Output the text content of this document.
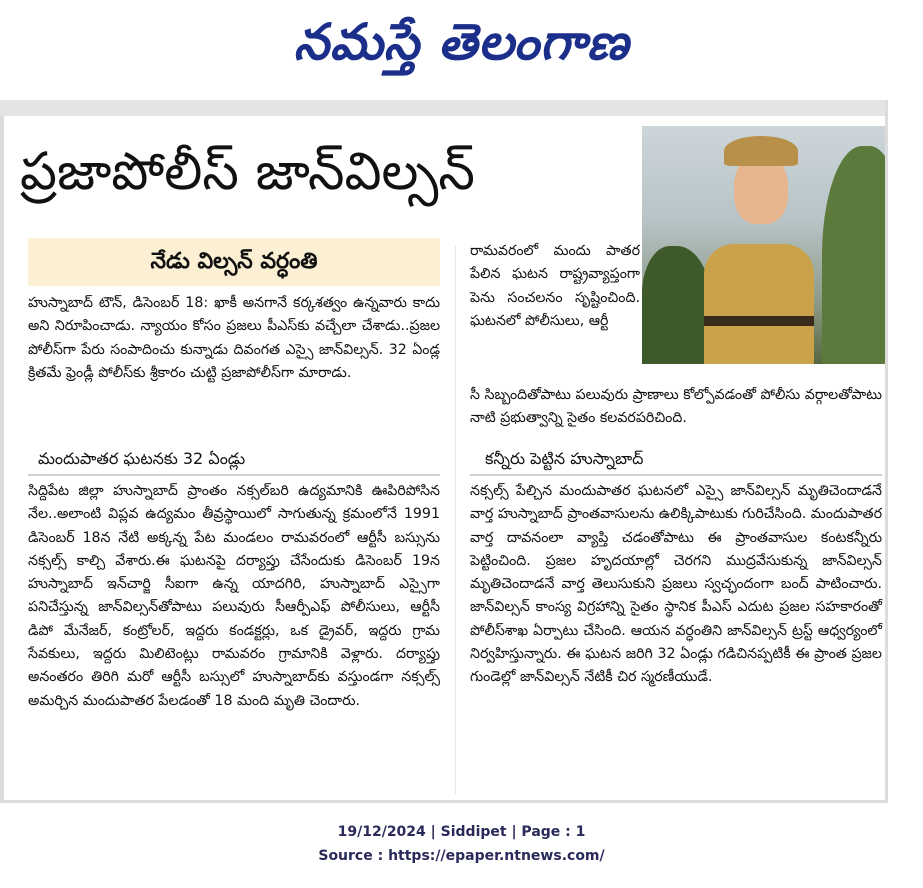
నమస్తే తెలంగాణ
ప్రజాపోలీస్ జాన్‌విల్సన్
నేడు విల్సన్ వర్ధంతి

హుస్నాబాద్ టౌన్, డిసెంబర్ 18: ఖాకీ అనగానే కర్కశత్వం ఉన్నవారు కాదు అని నిరూపించాడు. న్యాయం కోసం ప్రజలు పీఎస్‌కు వచ్చేలా చేశాడు..ప్రజల పోలీస్‌గా పేరు సంపాదించు కున్నాడు దివంగత ఎస్సై జాన్‌విల్సన్. 32 ఏండ్ల క్రితమే ఫ్రెండ్లీ పోలీస్‌కు శ్రీకారం చుట్టి ప్రజాపోలీస్‌గా మారాడు.

మందుపాతర ఘటనకు 32 ఏండ్లు

సిద్దిపేట జిల్లా హుస్నాబాద్ ప్రాంతం నక్సల్‌బరి ఉద్యమానికి ఊపిరిపోసిన నేల..అలాంటి విప్లవ ఉద్యమం తీవ్రస్థాయిలో సాగుతున్న క్రమంలోనే 1991 డిసెంబర్ 18న నేటి అక్కన్న పేట మండలం రామవరంలో ఆర్టీసీ బస్సును నక్సల్స్ కాల్చి వేశారు.ఈ ఘటనపై దర్యాప్తు చేసేందుకు డిసెంబర్ 19న హుస్నాబాద్ ఇన్‌చార్జి సీఐగా ఉన్న యాదగిరి, హుస్నాబాద్ ఎస్సైగా పనిచేస్తున్న జాన్‌విల్సన్‌తోపాటు పలువురు సీఆర్పీఎఫ్ పోలీసులు, ఆర్టీసీ డిపో మేనేజర్, కంట్రోలర్, ఇద్దరు కండక్టర్లు, ఒక డ్రైవర్, ఇద్దరు గ్రామ సేవకులు, ఇద్దరు మిలిటెంట్లు రామవరం గ్రామానికి వెళ్లారు. దర్యాప్తు అనంతరం తిరిగి మరో ఆర్టీసీ బస్సులో హుస్నాబాద్‌కు వస్తుండగా నక్సల్స్ అమర్చిన మందుపాతర పేలడంతో 18 మంది మృతి చెందారు.

రామవరంలో మందు పాతర పేలిన ఘటన రాష్ట్రవ్యాప్తంగా పెను సంచలనం సృష్టించింది. ఘటనలో పోలీసులు, ఆర్టీ

సీ సిబ్బందితోపాటు పలువురు ప్రాణాలు కోల్పోవడంతో పోలీసు వర్గాలతోపాటు నాటి ప్రభుత్వాన్ని సైతం కలవరపరిచింది.

కన్నీరు పెట్టిన హుస్నాబాద్

నక్సల్స్ పేల్చిన మందుపాతర ఘటనలో ఎస్సై జాన్‌విల్సన్ మృతిచెందాడనే వార్త హుస్నాబాద్ ప్రాంతవాసులను ఉలిక్కిపాటుకు గురిచేసింది. మందుపాతర వార్త దావనంలా వ్యాప్తి చడంతోపాటు ఈ ప్రాంతవాసుల కంటకన్నీరు పెట్టించింది. ప్రజల హృదయాల్లో చెరగని ముద్రవేసుకున్న జాన్‌విల్సన్ మృతిచెందాడనే వార్త తెలుసుకుని ప్రజలు స్వచ్ఛందంగా బంద్ పాటించారు. జాన్‌విల్సన్ కాంస్య విగ్రహాన్ని సైతం స్థానిక పీఎస్ ఎదుట ప్రజల సహకారంతో పోలీస్‌శాఖ ఏర్పాటు చేసింది. ఆయన వర్ధంతిని జాన్‌విల్సన్ ట్రస్ట్ ఆధ్వర్యంలో నిర్వహిస్తున్నారు. ఈ ఘటన జరిగి 32 ఏండ్లు గడిచినప్పటికీ ఈ ప్రాంత ప్రజల గుండెల్లో జాన్‌విల్సన్ నేటికీ చిర స్మరణీయుడే.

19/12/2024 | Siddipet | Page : 1
Source : https://epaper.ntnews.com/
